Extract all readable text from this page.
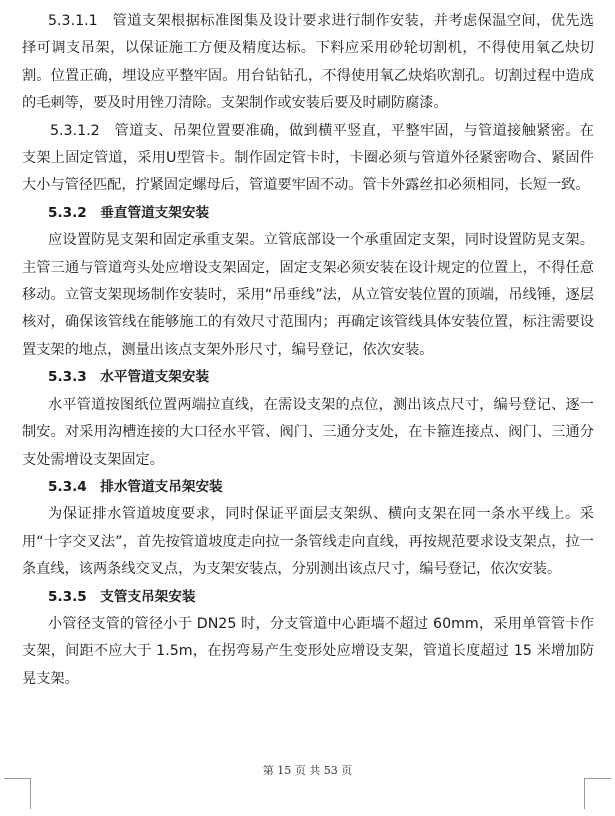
5.3.1.1　管道支架根据标准图集及设计要求进行制作安装，并考虑保温空间，优先选择可调支吊架，以保证施工方便及精度达标。下料应采用砂轮切割机，不得使用氧乙炔切割。位置正确，埋设应平整牢固。用台钻钻孔，不得使用氧乙炔焰吹割孔。切割过程中造成的毛刺等，要及时用锉刀清除。支架制作或安装后要及时刷防腐漆。

5.3.1.2　管道支、吊架位置要准确，做到横平竖直，平整牢固，与管道接触紧密。在支架上固定管道，采用U型管卡。制作固定管卡时，卡圈必须与管道外径紧密吻合、紧固件大小与管径匹配，拧紧固定螺母后，管道要牢固不动。管卡外露丝扣必须相同，长短一致。

5.3.2　垂直管道支架安装

应设置防晃支架和固定承重支架。立管底部设一个承重固定支架，同时设置防晃支架。主管三通与管道弯头处应增设支架固定，固定支架必须安装在设计规定的位置上，不得任意移动。立管支架现场制作安装时，采用“吊垂线”法，从立管安装位置的顶端，吊线锤，逐层核对，确保该管线在能够施工的有效尺寸范围内；再确定该管线具体安装位置，标注需要设置支架的地点，测量出该点支架外形尺寸，编号登记，依次安装。

5.3.3　水平管道支架安装

水平管道按图纸位置两端拉直线，在需设支架的点位，测出该点尺寸，编号登记、逐一制安。对采用沟槽连接的大口径水平管、阀门、三通分支处，在卡箍连接点、阀门、三通分支处需增设支架固定。

5.3.4　排水管道支吊架安装

为保证排水管道坡度要求，同时保证平面层支架纵、横向支架在同一条水平线上。采用“十字交叉法”，首先按管道坡度走向拉一条管线走向直线，再按规范要求设支架点，拉一条直线，该两条线交叉点，为支架安装点，分别测出该点尺寸，编号登记，依次安装。

5.3.5　支管支吊架安装

小管径支管的管径小于 DN25 时，分支管道中心距墙不超过 60mm，采用单管管卡作支架，间距不应大于 1.5m，在拐弯易产生变形处应增设支架，管道长度超过 15 米增加防晃支架。

第 15 页 共 53 页
